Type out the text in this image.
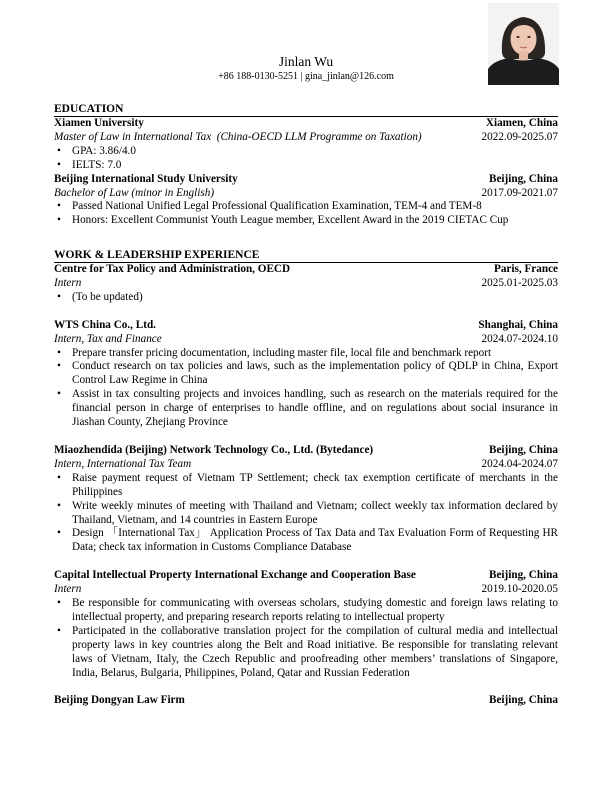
Jinlan Wu
+86 188-0130-5251 | gina_jinlan@126.com
EDUCATION
Xiamen University	Xiamen, China
Master of Law in International Tax  (China-OECD LLM Programme on Taxation)	2022.09-2025.07
• GPA: 3.86/4.0
• IELTS: 7.0
Beijing International Study University	Beijing, China
Bachelor of Law (minor in English)	2017.09-2021.07
• Passed National Unified Legal Professional Qualification Examination, TEM-4 and TEM-8
• Honors: Excellent Communist Youth League member, Excellent Award in the 2019 CIETAC Cup
WORK & LEADERSHIP EXPERIENCE
Centre for Tax Policy and Administration, OECD	Paris, France
Intern	2025.01-2025.03
• (To be updated)
WTS China Co., Ltd.	Shanghai, China
Intern, Tax and Finance	2024.07-2024.10
• Prepare transfer pricing documentation, including master file, local file and benchmark report
• Conduct research on tax policies and laws, such as the implementation policy of QDLP in China, Export Control Law Regime in China
• Assist in tax consulting projects and invoices handling, such as research on the materials required for the financial person in charge of enterprises to handle offline, and on regulations about social insurance in Jiashan County, Zhejiang Province
Miaozhendida (Beijing) Network Technology Co., Ltd. (Bytedance)	Beijing, China
Intern, International Tax Team	2024.04-2024.07
• Raise payment request of Vietnam TP Settlement; check tax exemption certificate of merchants in the Philippines
• Write weekly minutes of meeting with Thailand and Vietnam; collect weekly tax information declared by Thailand, Vietnam, and 14 countries in Eastern Europe
• Design 「International Tax」 Application Process of Tax Data and Tax Evaluation Form of Requesting HR Data; check tax information in Customs Compliance Database
Capital Intellectual Property International Exchange and Cooperation Base	Beijing, China
Intern	2019.10-2020.05
• Be responsible for communicating with overseas scholars, studying domestic and foreign laws relating to intellectual property, and preparing research reports relating to intellectual property
• Participated in the collaborative translation project for the compilation of cultural media and intellectual property laws in key countries along the Belt and Road initiative. Be responsible for translating relevant laws of Vietnam, Italy, the Czech Republic and proofreading other members’ translations of Singapore, India, Belarus, Bulgaria, Philippines, Poland, Qatar and Russian Federation
Beijing Dongyan Law Firm	Beijing, China
